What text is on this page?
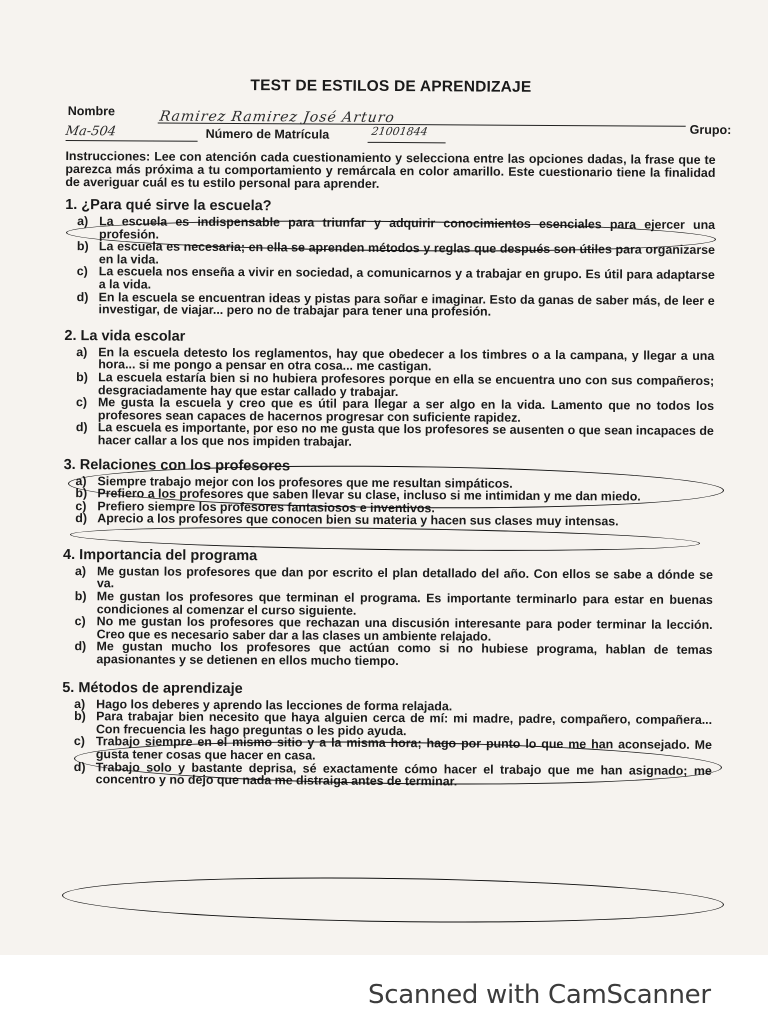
TEST DE ESTILOS DE APRENDIZAJE
Nombre	Ramirez Ramirez José Arturo
Grupo:
Ma-504	Número de Matrícula	21001844
Instrucciones: Lee con atención cada cuestionamiento y selecciona entre las opciones dadas, la frase que te parezca más próxima a tu comportamiento y remárcala en color amarillo. Este cuestionario tiene la finalidad de averiguar cuál es tu estilo personal para aprender.
1. ¿Para qué sirve la escuela?
a) La escuela es indispensable para triunfar y adquirir conocimientos esenciales para ejercer una profesión.
b) La escuela es necesaria; en ella se aprenden métodos y reglas que después son útiles para organizarse en la vida.
c) La escuela nos enseña a vivir en sociedad, a comunicarnos y a trabajar en grupo. Es útil para adaptarse a la vida.
d) En la escuela se encuentran ideas y pistas para soñar e imaginar. Esto da ganas de saber más, de leer e investigar, de viajar... pero no de trabajar para tener una profesión.
2. La vida escolar
a) En la escuela detesto los reglamentos, hay que obedecer a los timbres o a la campana, y llegar a una hora... si me pongo a pensar en otra cosa... me castigan.
b) La escuela estaría bien si no hubiera profesores porque en ella se encuentra uno con sus compañeros; desgraciadamente hay que estar callado y trabajar.
c) Me gusta la escuela y creo que es útil para llegar a ser algo en la vida. Lamento que no todos los profesores sean capaces de hacernos progresar con suficiente rapidez.
d) La escuela es importante, por eso no me gusta que los profesores se ausenten o que sean incapaces de hacer callar a los que nos impiden trabajar.
3. Relaciones con los profesores
a) Siempre trabajo mejor con los profesores que me resultan simpáticos.
b) Prefiero a los profesores que saben llevar su clase, incluso si me intimidan y me dan miedo.
c) Prefiero siempre los profesores fantasiosos e inventivos.
d) Aprecio a los profesores que conocen bien su materia y hacen sus clases muy intensas.
4. Importancia del programa
a) Me gustan los profesores que dan por escrito el plan detallado del año. Con ellos se sabe a dónde se va.
b) Me gustan los profesores que terminan el programa. Es importante terminarlo para estar en buenas condiciones al comenzar el curso siguiente.
c) No me gustan los profesores que rechazan una discusión interesante para poder terminar la lección. Creo que es necesario saber dar a las clases un ambiente relajado.
d) Me gustan mucho los profesores que actúan como si no hubiese programa, hablan de temas apasionantes y se detienen en ellos mucho tiempo.
5. Métodos de aprendizaje
a) Hago los deberes y aprendo las lecciones de forma relajada.
b) Para trabajar bien necesito que haya alguien cerca de mí: mi madre, padre, compañero, compañera... Con frecuencia les hago preguntas o les pido ayuda.
c) Trabajo siempre en el mismo sitio y a la misma hora; hago por punto lo que me han aconsejado. Me gusta tener cosas que hacer en casa.
d) Trabajo solo y bastante deprisa, sé exactamente cómo hacer el trabajo que me han asignado; me concentro y no dejo que nada me distraiga antes de terminar.
Scanned with CamScanner
